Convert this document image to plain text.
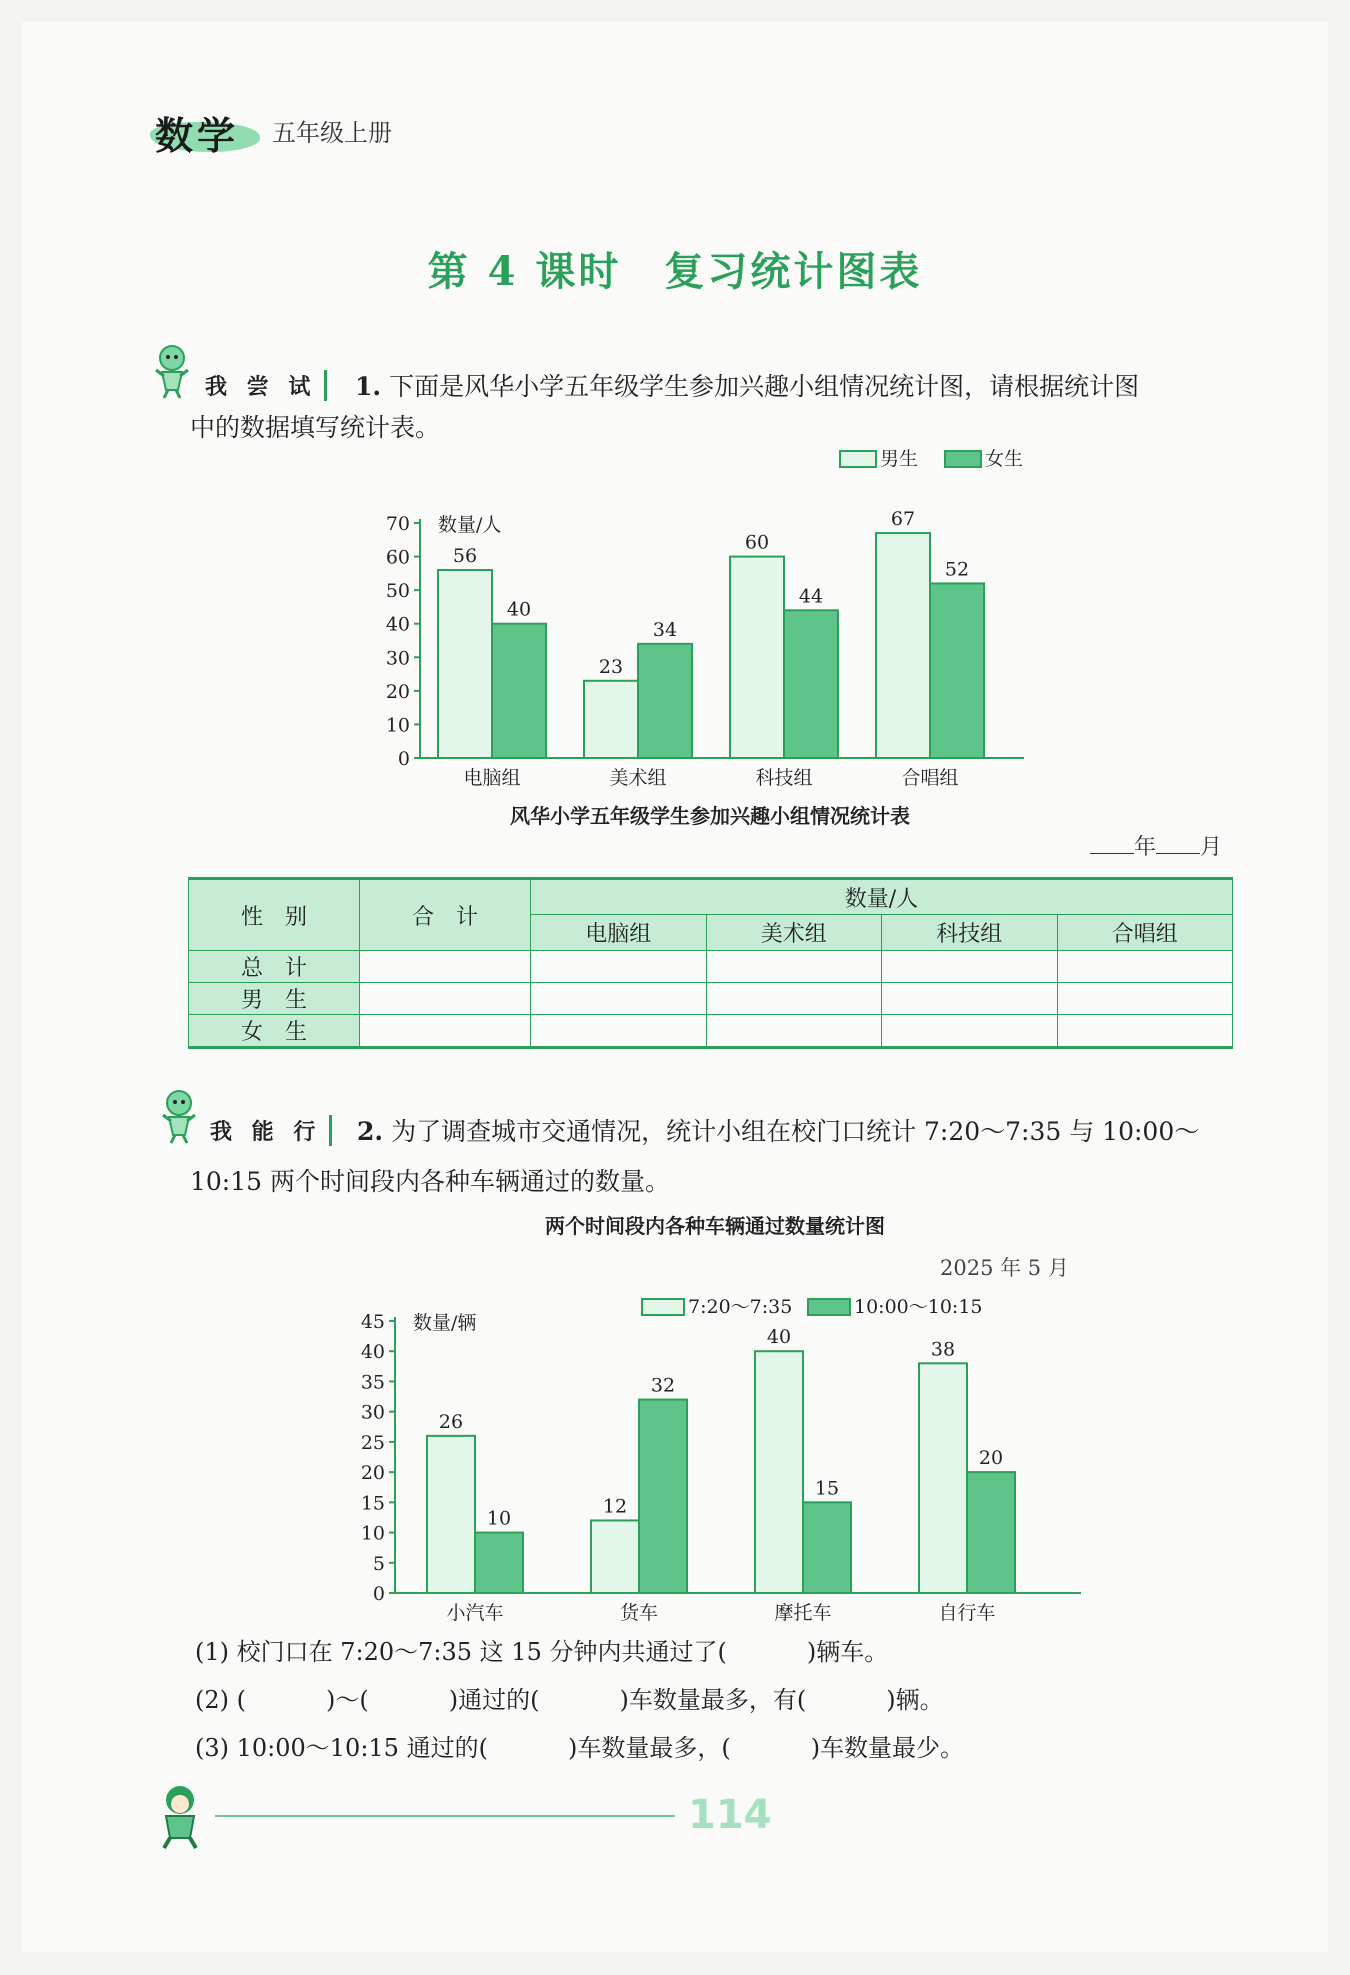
数学 五年级上册
第 4 课时　复习统计图表
我 尝 试	1. 下面是风华小学五年级学生参加兴趣小组情况统计图，请根据统计图
中的数据填写统计表。
男生	女生
0
10
20
30
40
50
60
70 数量/人
56
40
电脑组
23
34
美术组
60
44
科技组
67
52
合唱组
风华小学五年级学生参加兴趣小组情况统计表
年 月
性　别	合　计	数量/人			
		电脑组	美术组	科技组	合唱组
总　计					
男　生					
女　生					
我 能 行	2. 为了调查城市交通情况，统计小组在校门口统计 7:20～7:35 与 10:00～
10:15 两个时间段内各种车辆通过的数量。
两个时间段内各种车辆通过数量统计图
2025 年 5 月
7:20～7:35	10:00～10:15
0
5
10
15
20
25
30
35
40
45 数量/辆
26
10
小汽车
12
32
货车
40
15
摩托车
38
20
自行车
(1) 校门口在 7:20～7:35 这 15 分钟内共通过了(	)辆车。
(2) (	)～(	)通过的(	)车数量最多，有(	)辆。
(3) 10:00～10:15 通过的(	)车数量最多，(	)车数量最少。
114
